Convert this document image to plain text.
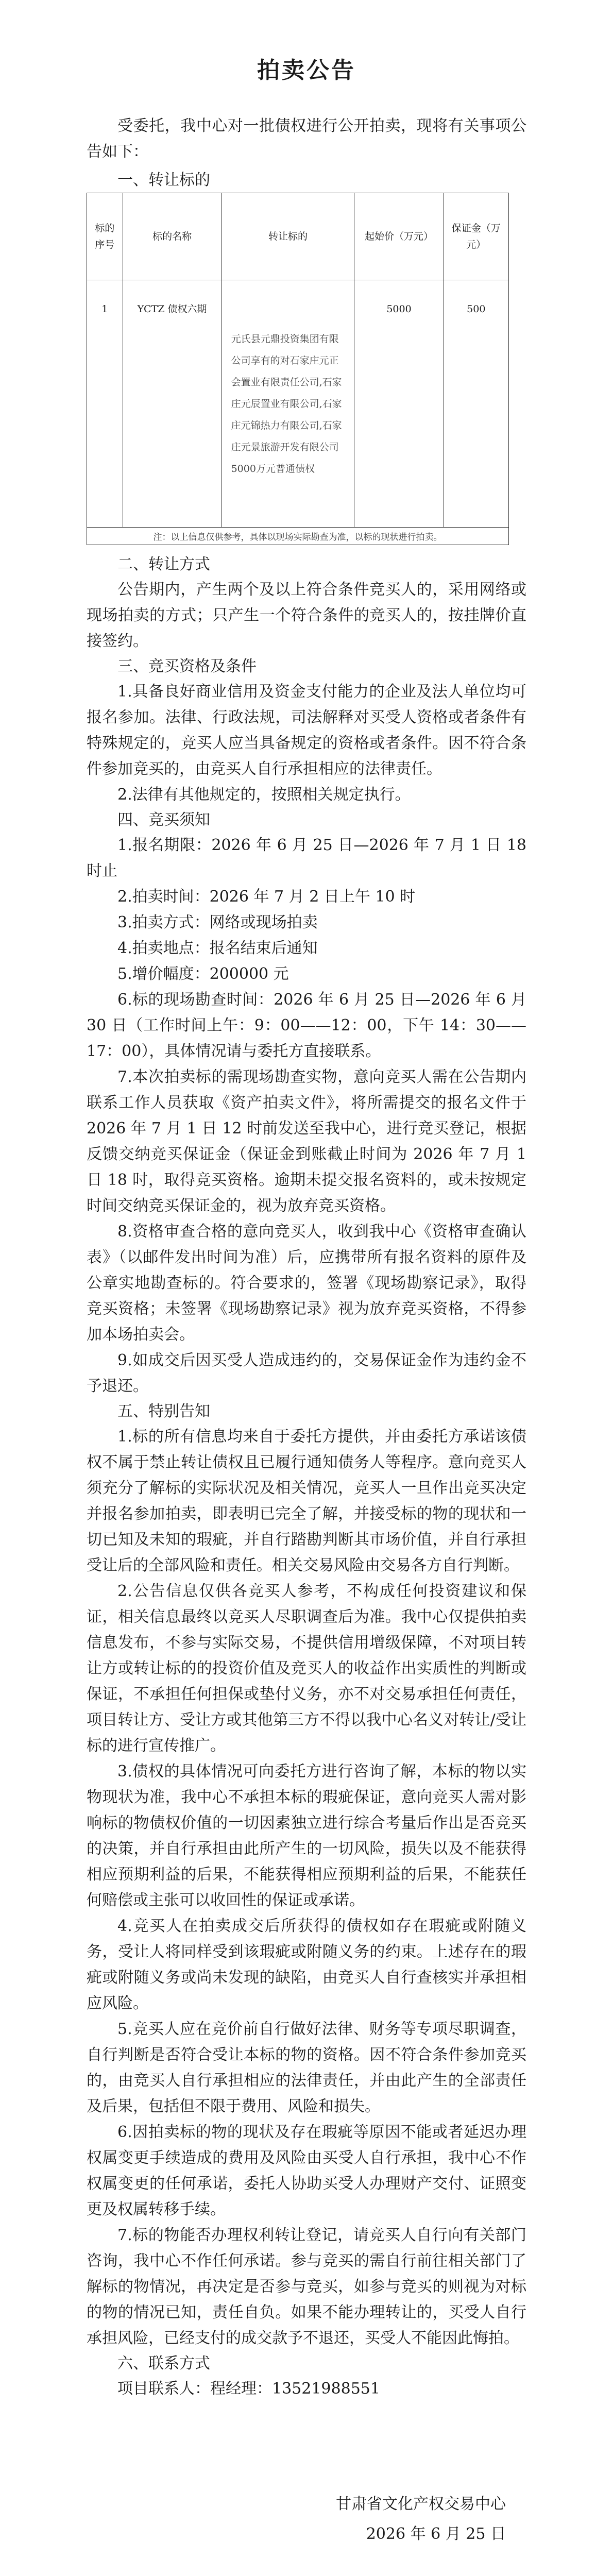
拍卖公告

受委托，我中心对一批债权进行公开拍卖，现将有关事项公告如下：

一、转让标的

标的序号	标的名称	转让标的	起始价（万元）	保证金（万元）
1	YCTZ 债权六期	元氏县元鼎投资集团有限公司享有的对石家庄元正会置业有限责任公司,石家庄元辰置业有限公司,石家庄元锦热力有限公司,石家庄元景旅游开发有限公司5000万元普通债权	5000	500
注：以上信息仅供参考，具体以现场实际勘查为准，以标的现状进行拍卖。

二、转让方式

公告期内，产生两个及以上符合条件竞买人的，采用网络或现场拍卖的方式；只产生一个符合条件的竞买人的，按挂牌价直接签约。

三、竞买资格及条件

1.具备良好商业信用及资金支付能力的企业及法人单位均可报名参加。法律、行政法规，司法解释对买受人资格或者条件有特殊规定的，竞买人应当具备规定的资格或者条件。因不符合条件参加竞买的，由竞买人自行承担相应的法律责任。

2.法律有其他规定的，按照相关规定执行。

四、竞买须知

1.报名期限：2026 年 6 月 25 日—2026 年 7 月 1 日 18 时止

2.拍卖时间：2026 年 7 月 2 日上午 10 时

3.拍卖方式：网络或现场拍卖

4.拍卖地点：报名结束后通知

5.增价幅度：200000 元

6.标的现场勘查时间：2026 年 6 月 25 日—2026 年 6 月 30 日（工作时间上午：9：00——12：00，下午 14：30——17：00），具体情况请与委托方直接联系。

7.本次拍卖标的需现场勘查实物，意向竞买人需在公告期内联系工作人员获取《资产拍卖文件》，将所需提交的报名文件于 2026 年 7 月 1 日 12 时前发送至我中心，进行竞买登记，根据反馈交纳竞买保证金（保证金到账截止时间为 2026 年 7 月 1 日 18 时，取得竞买资格。逾期未提交报名资料的，或未按规定时间交纳竞买保证金的，视为放弃竞买资格。

8.资格审查合格的意向竞买人，收到我中心《资格审查确认表》（以邮件发出时间为准）后，应携带所有报名资料的原件及公章实地勘查标的。符合要求的，签署《现场勘察记录》，取得竞买资格；未签署《现场勘察记录》视为放弃竞买资格，不得参加本场拍卖会。

9.如成交后因买受人造成违约的，交易保证金作为违约金不予退还。

五、特别告知

1.标的所有信息均来自于委托方提供，并由委托方承诺该债权不属于禁止转让债权且已履行通知债务人等程序。意向竞买人须充分了解标的实际状况及相关情况，竞买人一旦作出竞买决定并报名参加拍卖，即表明已完全了解，并接受标的物的现状和一切已知及未知的瑕疵，并自行踏勘判断其市场价值，并自行承担受让后的全部风险和责任。相关交易风险由交易各方自行判断。

2.公告信息仅供各竞买人参考，不构成任何投资建议和保证，相关信息最终以竞买人尽职调查后为准。我中心仅提供拍卖信息发布，不参与实际交易，不提供信用增级保障，不对项目转让方或转让标的的投资价值及竞买人的收益作出实质性的判断或保证，不承担任何担保或垫付义务，亦不对交易承担任何责任，项目转让方、受让方或其他第三方不得以我中心名义对转让/受让标的进行宣传推广。

3.债权的具体情况可向委托方进行咨询了解，本标的物以实物现状为准，我中心不承担本标的瑕疵保证，意向竞买人需对影响标的物债权价值的一切因素独立进行综合考量后作出是否竞买的决策，并自行承担由此所产生的一切风险，损失以及不能获得相应预期利益的后果，不能获得相应预期利益的后果，不能获任何赔偿或主张可以收回性的保证或承诺。

4.竞买人在拍卖成交后所获得的债权如存在瑕疵或附随义务，受让人将同样受到该瑕疵或附随义务的约束。上述存在的瑕疵或附随义务或尚未发现的缺陷，由竞买人自行查核实并承担相应风险。

5.竞买人应在竞价前自行做好法律、财务等专项尽职调查，自行判断是否符合受让本标的物的资格。因不符合条件参加竞买的，由竞买人自行承担相应的法律责任，并由此产生的全部责任及后果，包括但不限于费用、风险和损失。

6.因拍卖标的物的现状及存在瑕疵等原因不能或者延迟办理权属变更手续造成的费用及风险由买受人自行承担，我中心不作权属变更的任何承诺，委托人协助买受人办理财产交付、证照变更及权属转移手续。

7.标的物能否办理权利转让登记，请竞买人自行向有关部门咨询，我中心不作任何承诺。参与竞买的需自行前往相关部门了解标的物情况，再决定是否参与竞买，如参与竞买的则视为对标的物的情况已知，责任自负。如果不能办理转让的，买受人自行承担风险，已经支付的成交款予不退还，买受人不能因此悔拍。

六、联系方式

项目联系人：程经理：13521988551

甘肃省文化产权交易中心
2026 年 6 月 25 日
